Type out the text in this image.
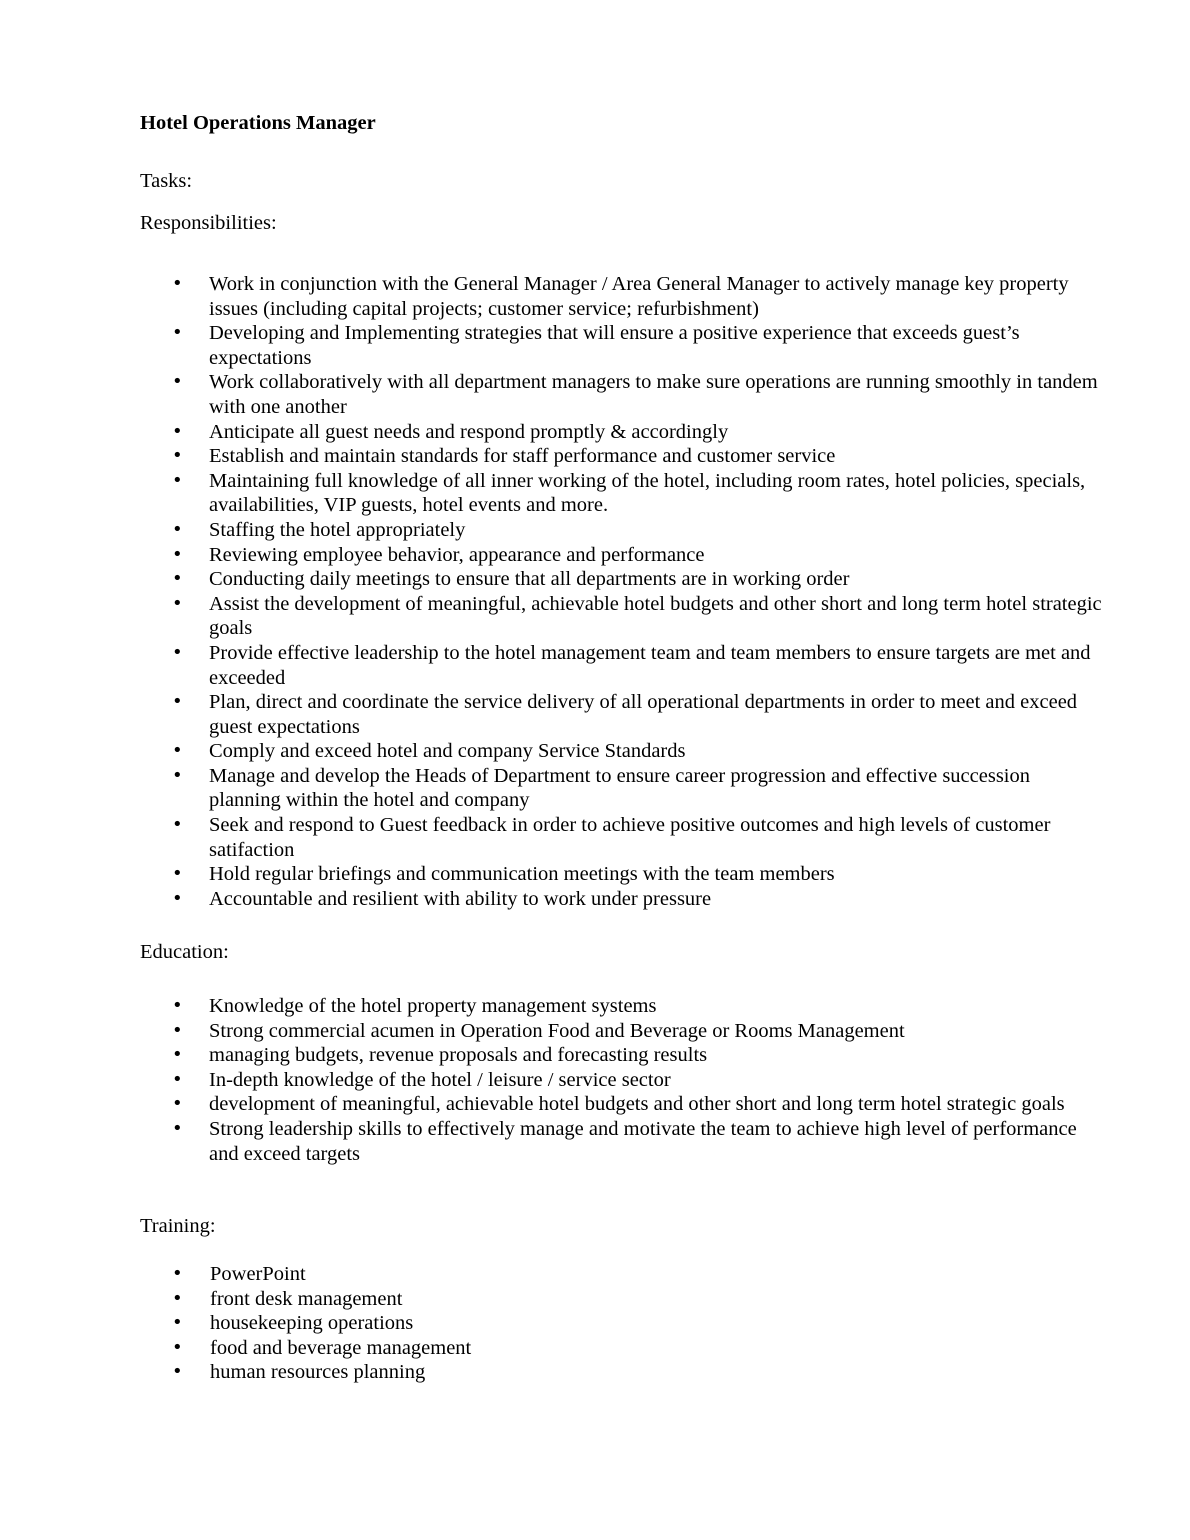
Hotel Operations Manager
Tasks:
Responsibilities:
• Work in conjunction with the General Manager / Area General Manager to actively manage key property issues (including capital projects; customer service; refurbishment)
• Developing and Implementing strategies that will ensure a positive experience that exceeds guest’s expectations
• Work collaboratively with all department managers to make sure operations are running smoothly in tandem with one another
• Anticipate all guest needs and respond promptly & accordingly
• Establish and maintain standards for staff performance and customer service
• Maintaining full knowledge of all inner working of the hotel, including room rates, hotel policies, specials, availabilities, VIP guests, hotel events and more.
• Staffing the hotel appropriately
• Reviewing employee behavior, appearance and performance
• Conducting daily meetings to ensure that all departments are in working order
• Assist the development of meaningful, achievable hotel budgets and other short and long term hotel strategic goals
• Provide effective leadership to the hotel management team and team members to ensure targets are met and exceeded
• Plan, direct and coordinate the service delivery of all operational departments in order to meet and exceed guest expectations
• Comply and exceed hotel and company Service Standards
• Manage and develop the Heads of Department to ensure career progression and effective succession planning within the hotel and company
• Seek and respond to Guest feedback in order to achieve positive outcomes and high levels of customer satifaction
• Hold regular briefings and communication meetings with the team members
• Accountable and resilient with ability to work under pressure
Education:
• Knowledge of the hotel property management systems
• Strong commercial acumen in Operation Food and Beverage or Rooms Management
• managing budgets, revenue proposals and forecasting results
• In-depth knowledge of the hotel / leisure / service sector
• development of meaningful, achievable hotel budgets and other short and long term hotel strategic goals
• Strong leadership skills to effectively manage and motivate the team to achieve high level of performance and exceed targets
Training:
• PowerPoint
• front desk management
• housekeeping operations
• food and beverage management
• human resources planning
